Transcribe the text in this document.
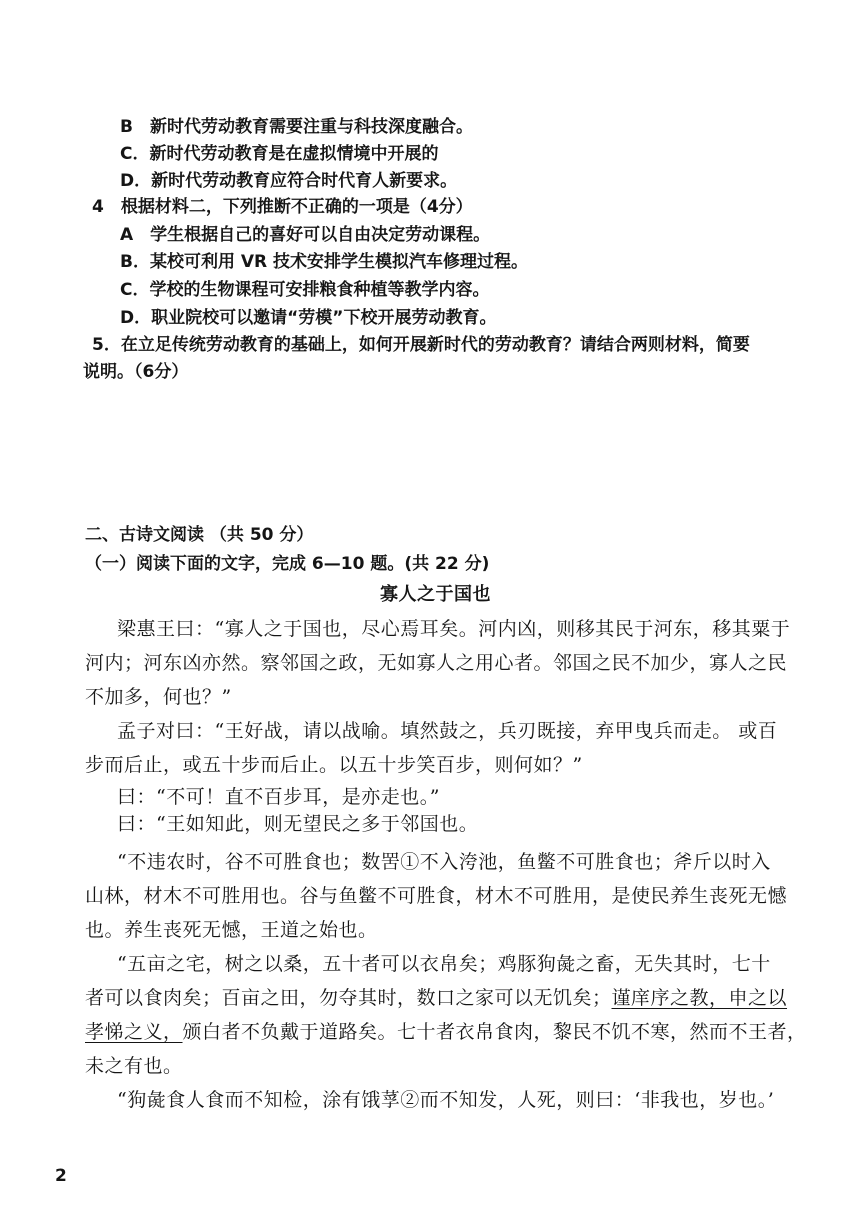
B　新时代劳动教育需要注重与科技深度融合。
C．新时代劳动教育是在虚拟情境中开展的
D．新时代劳动教育应符合时代育人新要求。
4　根据材料二，下列推断不正确的一项是（4分）
A　学生根据自己的喜好可以自由决定劳动课程。
B．某校可利用 VR 技术安排学生模拟汽车修理过程。
C．学校的生物课程可安排粮食种植等教学内容。
D．职业院校可以邀请“劳模”下校开展劳动教育。
5．在立足传统劳动教育的基础上，如何开展新时代的劳动教育？请结合两则材料，简要
说明。（6分）
二、古诗文阅读 （共 50 分）
（一）阅读下面的文字，完成 6—10 题。(共 22 分)
寡人之于国也
梁惠王曰：“寡人之于国也，尽心焉耳矣。河内凶，则移其民于河东，移其粟于
河内；河东凶亦然。察邻国之政，无如寡人之用心者。邻国之民不加少，寡人之民
不加多，何也？”
孟子对曰：“王好战，请以战喻。填然鼓之，兵刃既接，弃甲曳兵而走。 或百
步而后止，或五十步而后止。以五十步笑百步，则何如？”
曰：“不可！直不百步耳，是亦走也。”
曰：“王如知此，则无望民之多于邻国也。
“不违农时，谷不可胜食也；数罟①不入洿池，鱼鳖不可胜食也；斧斤以时入
山林，材木不可胜用也。谷与鱼鳖不可胜食，材木不可胜用，是使民养生丧死无憾
也。养生丧死无憾，王道之始也。
“五亩之宅，树之以桑，五十者可以衣帛矣；鸡豚狗彘之畜，无失其时，七十
者可以食肉矣；百亩之田，勿夺其时，数口之家可以无饥矣；谨庠序之教，申之以
孝悌之义，颁白者不负戴于道路矣。七十者衣帛食肉，黎民不饥不寒，然而不王者，
未之有也。
“狗彘食人食而不知检，涂有饿莩②而不知发，人死，则曰：‘非我也，岁也。’
2
